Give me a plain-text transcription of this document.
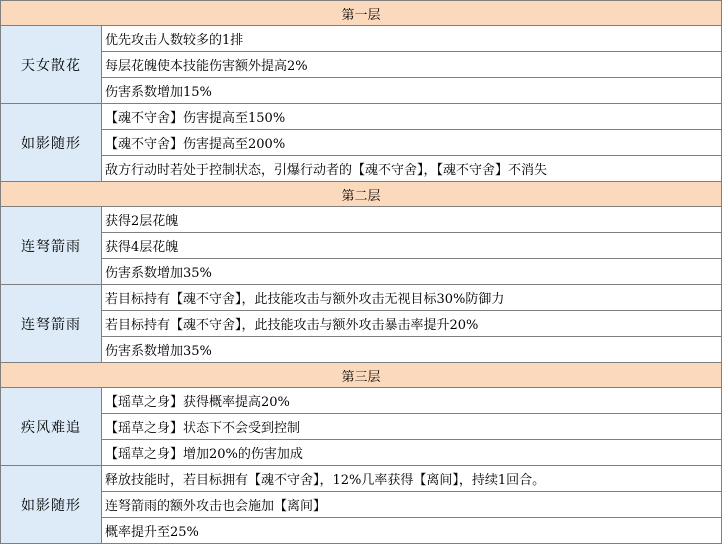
第一层
天女散花
优先攻击人数较多的1排
每层花魄使本技能伤害额外提高2%
伤害系数增加15%
如影随形
【魂不守舍】伤害提高至150%
【魂不守舍】伤害提高至200%
敌方行动时若处于控制状态，引爆行动者的【魂不守舍】，【魂不守舍】不消失
第二层
连弩箭雨
获得2层花魄
获得4层花魄
伤害系数增加35%
连弩箭雨
若目标持有【魂不守舍】，此技能攻击与额外攻击无视目标30%防御力
若目标持有【魂不守舍】，此技能攻击与额外攻击暴击率提升20%
伤害系数增加35%
第三层
疾风难追
【瑶草之身】获得概率提高20%
【瑶草之身】状态下不会受到控制
【瑶草之身】增加20%的伤害加成
如影随形
释放技能时，若目标拥有【魂不守舍】，12%几率获得【离间】，持续1回合。
连弩箭雨的额外攻击也会施加【离间】
概率提升至25%
